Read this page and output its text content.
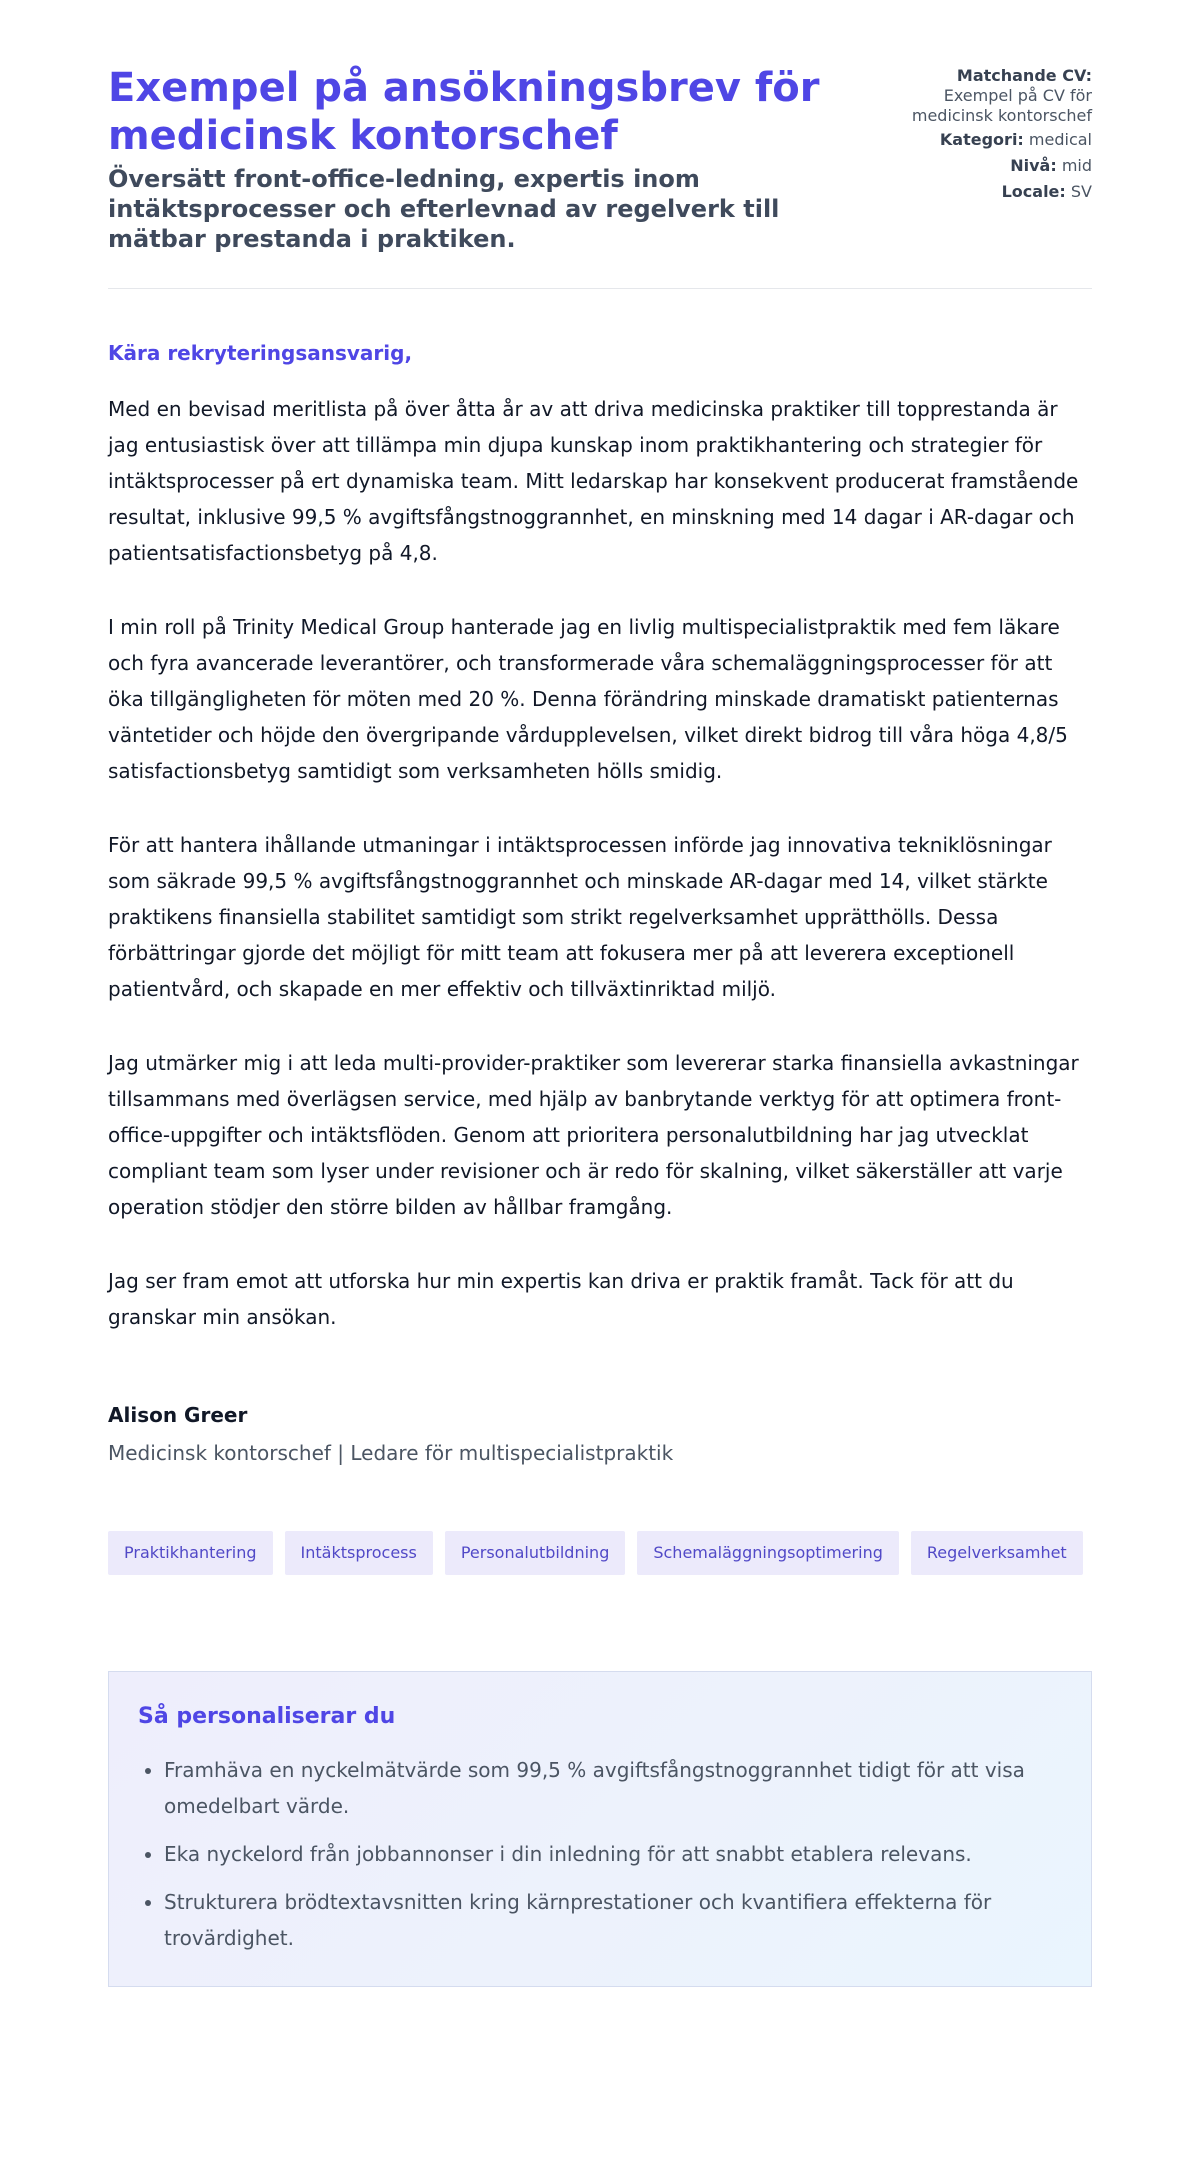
Exempel på ansökningsbrev för medicinsk kontorschef
Översätt front-office-ledning, expertis inom intäktsprocesser och efterlevnad av regelverk till mätbar prestanda i praktiken.
Matchande CV:
Exempel på CV för medicinsk kontorschef
Kategori: medical
Nivå: mid
Locale: SV

Kära rekryteringsansvarig,

Med en bevisad meritlista på över åtta år av att driva medicinska praktiker till topprestanda är jag entusiastisk över att tillämpa min djupa kunskap inom praktikhantering och strategier för intäktsprocesser på ert dynamiska team. Mitt ledarskap har konsekvent producerat framstående resultat, inklusive 99,5 % avgiftsfångstnoggrannhet, en minskning med 14 dagar i AR-dagar och patientsatisfactionsbetyg på 4,8.

I min roll på Trinity Medical Group hanterade jag en livlig multispecialistpraktik med fem läkare och fyra avancerade leverantörer, och transformerade våra schemaläggningsprocesser för att öka tillgängligheten för möten med 20 %. Denna förändring minskade dramatiskt patienternas väntetider och höjde den övergripande vårdupplevelsen, vilket direkt bidrog till våra höga 4,8/5 satisfactionsbetyg samtidigt som verksamheten hölls smidig.

För att hantera ihållande utmaningar i intäktsprocessen införde jag innovativa tekniklösningar som säkrade 99,5 % avgiftsfångstnoggrannhet och minskade AR-dagar med 14, vilket stärkte praktikens finansiella stabilitet samtidigt som strikt regelverksamhet upprätthölls. Dessa förbättringar gjorde det möjligt för mitt team att fokusera mer på att leverera exceptionell patientvård, och skapade en mer effektiv och tillväxtinriktad miljö.

Jag utmärker mig i att leda multi-provider-praktiker som levererar starka finansiella avkastningar tillsammans med överlägsen service, med hjälp av banbrytande verktyg för att optimera front-office-uppgifter och intäktsflöden. Genom att prioritera personalutbildning har jag utvecklat compliant team som lyser under revisioner och är redo för skalning, vilket säkerställer att varje operation stödjer den större bilden av hållbar framgång.

Jag ser fram emot att utforska hur min expertis kan driva er praktik framåt. Tack för att du granskar min ansökan.

Alison Greer
Medicinsk kontorschef | Ledare för multispecialistpraktik
Praktikhantering	Intäktsprocess	Personalutbildning	Schemaläggningsoptimering	Regelverksamhet
Så personaliserar du
• Framhäva en nyckelmätvärde som 99,5 % avgiftsfångstnoggrannhet tidigt för att visa omedelbart värde.
• Eka nyckelord från jobbannonser i din inledning för att snabbt etablera relevans.
• Strukturera brödtextavsnitten kring kärnprestationer och kvantifiera effekterna för trovärdighet.
